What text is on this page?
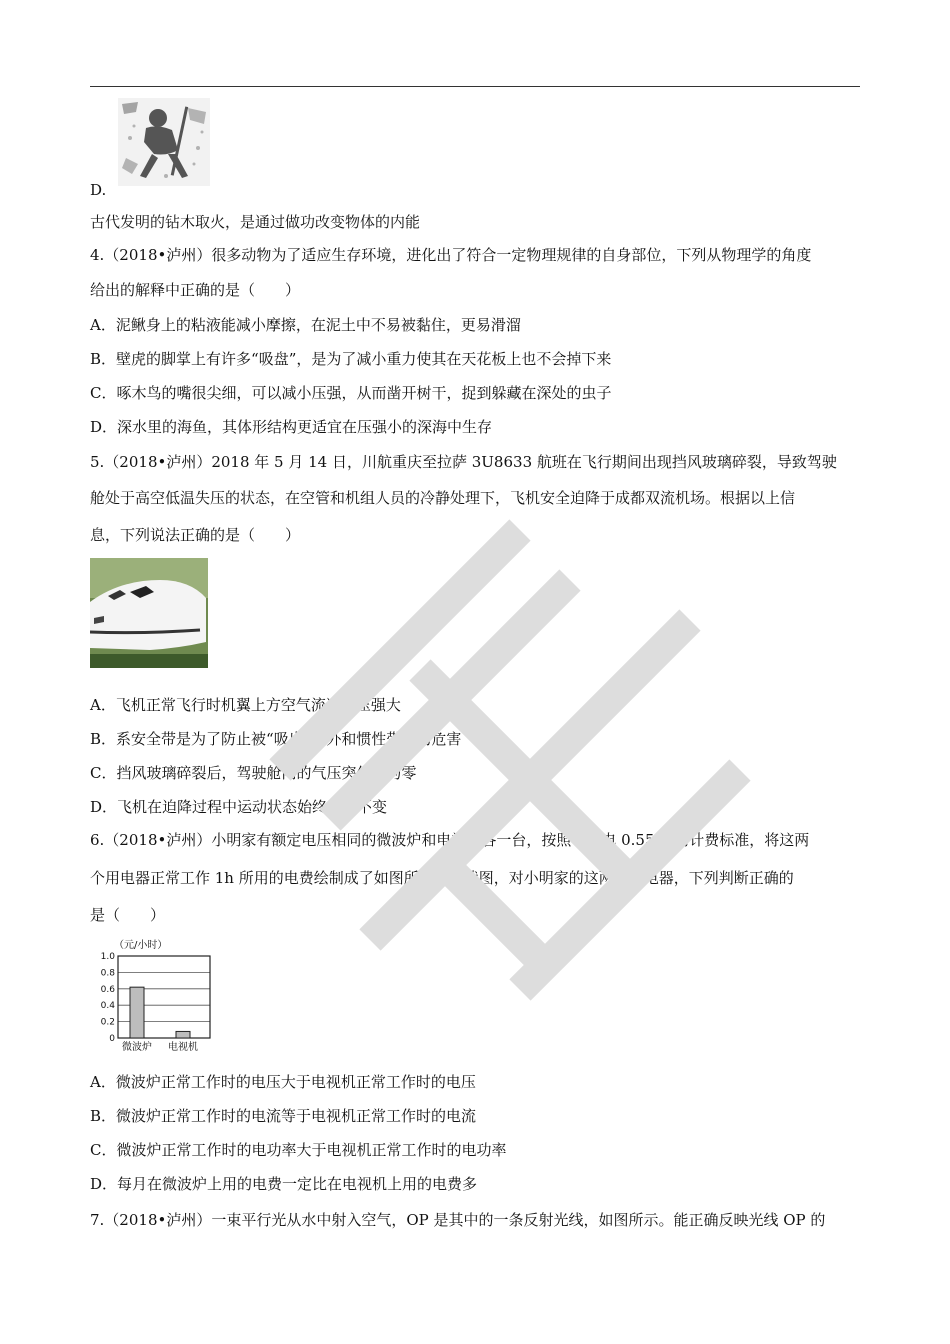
D.
古代发明的钻木取火，是通过做功改变物体的内能
4.（2018•泸州）很多动物为了适应生存环境，进化出了符合一定物理规律的自身部位，下列从物理学的角度
给出的解释中正确的是（　　）
A．泥鳅身上的粘液能减小摩擦，在泥土中不易被黏住，更易滑溜
B．壁虎的脚掌上有许多“吸盘”，是为了减小重力使其在天花板上也不会掉下来
C．啄木鸟的嘴很尖细，可以减小压强，从而凿开树干，捉到躲藏在深处的虫子
D．深水里的海鱼，其体形结构更适宜在压强小的深海中生存
5.（2018•泸州）2018 年 5 月 14 日，川航重庆至拉萨 3U8633 航班在飞行期间出现挡风玻璃碎裂，导致驾驶
舱处于高空低温失压的状态，在空管和机组人员的冷静处理下，飞机安全迫降于成都双流机场。根据以上信
息，下列说法正确的是（　　）
A．飞机正常飞行时机翼上方空气流速大压强大
B．系安全带是为了防止被“吸出”舱外和惯性带来的危害
C．挡风玻璃碎裂后，驾驶舱内的气压突然变为零
D．飞机在迫降过程中运动状态始终保持不变
6.（2018•泸州）小明家有额定电压相同的微波炉和电视机各一台，按照每度电 0.55 元的计费标准，将这两
个用电器正常工作 1h 所用的电费绘制成了如图所示的柱状图，对小明家的这两个用电器，下列判断正确的
是（　　）
（元/小时）
0
0.2
0.4
0.6
0.8
1.0
微波炉 电视机
A．微波炉正常工作时的电压大于电视机正常工作时的电压
B．微波炉正常工作时的电流等于电视机正常工作时的电流
C．微波炉正常工作时的电功率大于电视机正常工作时的电功率
D．每月在微波炉上用的电费一定比在电视机上用的电费多
7.（2018•泸州）一束平行光从水中射入空气，OP 是其中的一条反射光线，如图所示。能正确反映光线 OP 的
